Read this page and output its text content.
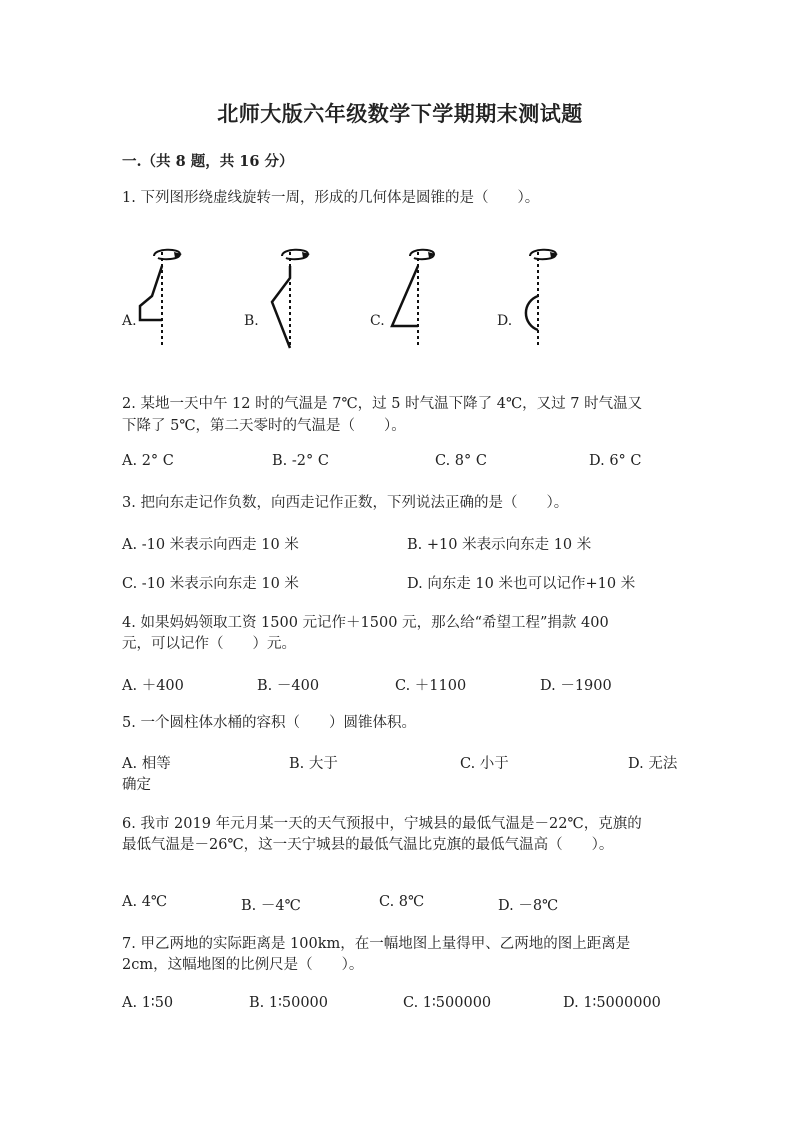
北师大版六年级数学下学期期末测试题
一.（共 8 题，共 16 分）
1. 下列图形绕虚线旋转一周，形成的几何体是圆锥的是（　　）。
A.	B.	C.	D.
2. 某地一天中午 12 时的气温是 7℃，过 5 时气温下降了 4℃，又过 7 时气温又
下降了 5℃，第二天零时的气温是（　　）。
A. 2° C	B. -2° C	C. 8° C	D. 6° C
3. 把向东走记作负数，向西走记作正数，下列说法正确的是（　　）。
A. -10 米表示向西走 10 米	B. +10 米表示向东走 10 米
C. -10 米表示向东走 10 米	D. 向东走 10 米也可以记作+10 米
4. 如果妈妈领取工资 1500 元记作＋1500 元，那么给“希望工程”捐款 400
元，可以记作（　　）元。
A. ＋400	B. －400	C. ＋1100	D. －1900
5. 一个圆柱体水桶的容积（　　）圆锥体积。
A. 相等	B. 大于	C. 小于	D. 无法
确定
6. 我市 2019 年元月某一天的天气预报中，宁城县的最低气温是－22℃，克旗的
最低气温是－26℃，这一天宁城县的最低气温比克旗的最低气温高（　　）。
A. 4℃	B. －4℃	C. 8℃	D. －8℃
7. 甲乙两地的实际距离是 100km，在一幅地图上量得甲、乙两地的图上距离是
2cm，这幅地图的比例尺是（　　）。
A. 1∶50	B. 1∶50000	C. 1∶500000	D. 1∶5000000
